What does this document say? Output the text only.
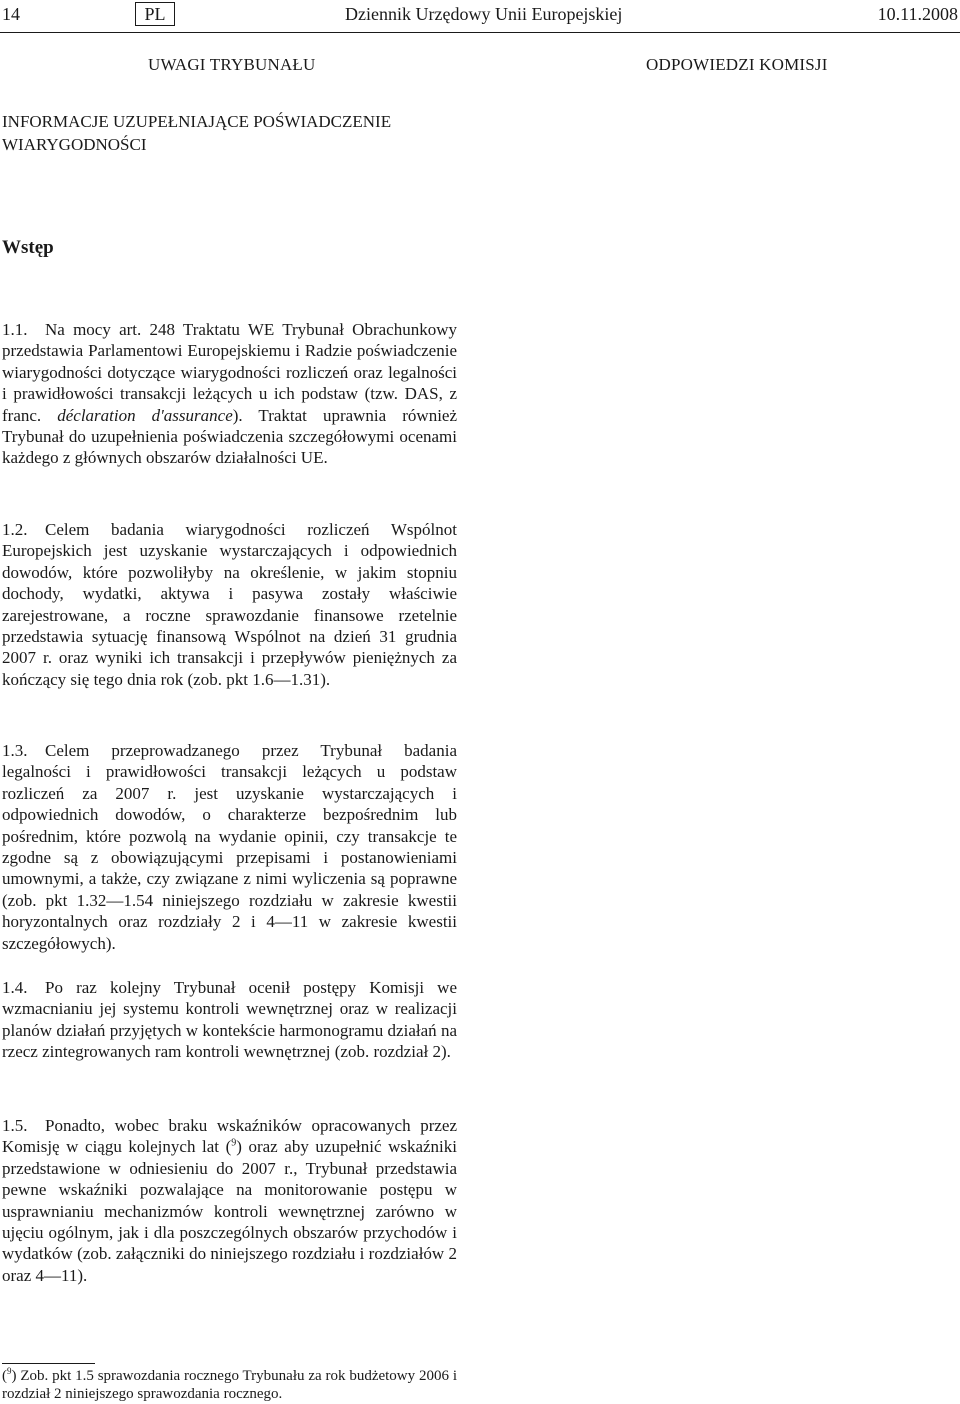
14	PL	Dziennik Urzędowy Unii Europejskiej	10.11.2008
UWAGI TRYBUNAŁU	ODPOWIEDZI KOMISJI
INFORMACJE UZUPEŁNIAJĄCE POŚWIADCZENIE WIARYGODNOŚCI
Wstęp
1.1. Na mocy art. 248 Traktatu WE Trybunał Obrachunkowy przedstawia Parlamentowi Europejskiemu i Radzie poświadczenie wiarygodności dotyczące wiarygodności rozliczeń oraz legalności i prawidłowości transakcji leżących u ich podstaw (tzw. DAS, z franc. déclaration d'assurance). Traktat uprawnia również Trybunał do uzupełnienia poświadczenia szczegółowymi ocenami każdego z głównych obszarów działalności UE.
1.2. Celem badania wiarygodności rozliczeń Wspólnot Europejskich jest uzyskanie wystarczających i odpowiednich dowodów, które pozwoliłyby na określenie, w jakim stopniu dochody, wydatki, aktywa i pasywa zostały właściwie zarejestrowane, a roczne sprawozdanie finansowe rzetelnie przedstawia sytuację finansową Wspólnot na dzień 31 grudnia 2007 r. oraz wyniki ich transakcji i przepływów pieniężnych za kończący się tego dnia rok (zob. pkt 1.6—1.31).
1.3. Celem przeprowadzanego przez Trybunał badania legalności i prawidłowości transakcji leżących u podstaw rozliczeń za 2007 r. jest uzyskanie wystarczających i odpowiednich dowodów, o charakterze bezpośrednim lub pośrednim, które pozwolą na wydanie opinii, czy transakcje te zgodne są z obowiązującymi przepisami i postanowieniami umownymi, a także, czy związane z nimi wyliczenia są poprawne (zob. pkt 1.32—1.54 niniejszego rozdziału w zakresie kwestii horyzontalnych oraz rozdziały 2 i 4—11 w zakresie kwestii szczegółowych).
1.4. Po raz kolejny Trybunał ocenił postępy Komisji we wzmacnianiu jej systemu kontroli wewnętrznej oraz w realizacji planów działań przyjętych w kontekście harmonogramu działań na rzecz zintegrowanych ram kontroli wewnętrznej (zob. rozdział 2).
1.5. Ponadto, wobec braku wskaźników opracowanych przez Komisję w ciągu kolejnych lat ($^9$) oraz aby uzupełnić wskaźniki przedstawione w odniesieniu do 2007 r., Trybunał przedstawia pewne wskaźniki pozwalające na monitorowanie postępu w usprawnianiu mechanizmów kontroli wewnętrznej zarówno w ujęciu ogólnym, jak i dla poszczególnych obszarów przychodów i wydatków (zob. załączniki do niniejszego rozdziału i rozdziałów 2 oraz 4—11).
($^9$) Zob. pkt 1.5 sprawozdania rocznego Trybunału za rok budżetowy 2006 i rozdział 2 niniejszego sprawozdania rocznego.
